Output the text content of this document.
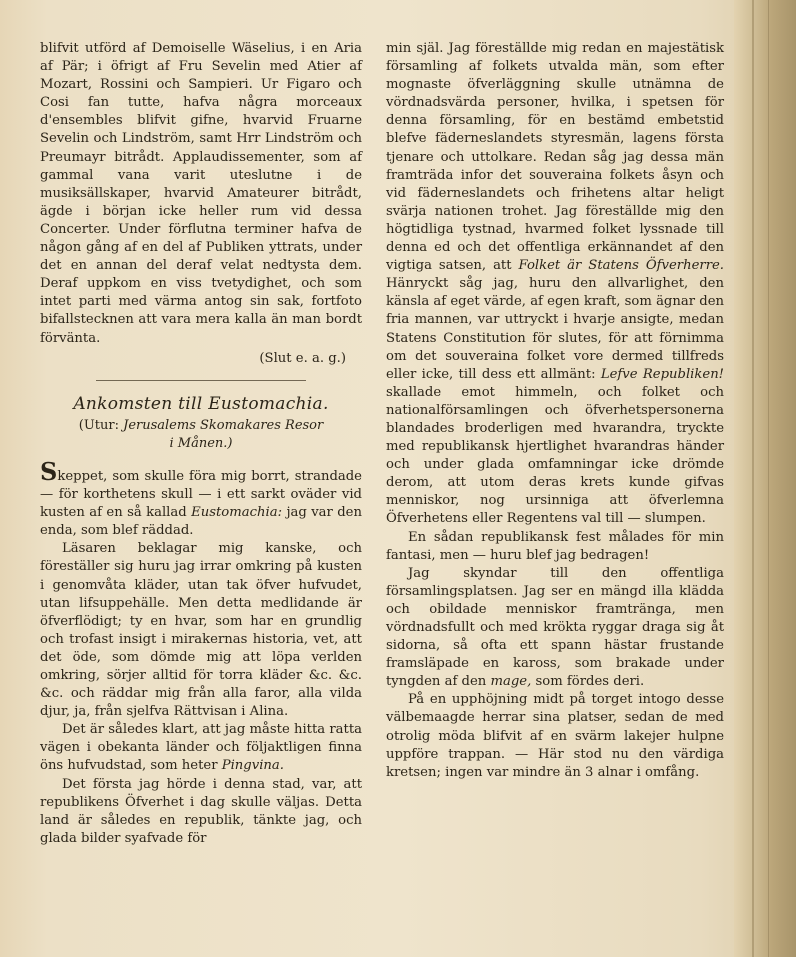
blifvit utförd af Demoiselle Wäselius, i en Aria af Pär; i öfrigt af Fru Sevelin med Atier af Mozart, Rossini och Sampieri. Ur Figaro och Cosi fan tutte, hafva några morceaux d'ensembles blifvit gifne, hvarvid Fruarne Sevelin och Lindström, samt Hrr Lindström och Preumayr bitrådt. Applaudissementer, som af gammal vana varit uteslutne i de musiksällskaper, hvarvid Amateurer bitrådt, ägde i början icke heller rum vid dessa Concerter. Under förflutna terminer hafva de någon gång af en del af Publiken yttrats, under det en annan del deraf velat nedtysta dem. Deraf uppkom en viss tvetydighet, och som intet parti med värma antog sin sak, fortfoto bifallstecknen att vara mera kalla än man bordt förvänta.

(Slut e. a. g.)

Ankomsten till Eustomachia.

(Utur: Jerusalems Skomakares Resor
i Månen.)

Skeppet, som skulle föra mig borrt, strandade — för korthetens skull — i ett sarkt oväder vid kusten af en så kallad Eustomachia: jag var den enda, som blef räddad.

Läsaren beklagar mig kanske, och föreställer sig huru jag irrar omkring på kusten i genomvåta kläder, utan tak öfver hufvudet, utan lifsuppehälle. Men detta medlidande är öfverflödigt; ty en hvar, som har en grundlig och trofast insigt i mirakernas historia, vet, att det öde, som dömde mig att löpa verlden omkring, sörjer alltid för torra kläder &c. &c. &c. och räddar mig från alla faror, alla vilda djur, ja, från sjelfva Rättvisan i Alina.

Det är således klart, att jag måste hitta ratta vägen i obekanta länder och följaktligen finna öns hufvudstad, som heter Pingvina.

Det första jag hörde i denna stad, var, att republikens Öfverhet i dag skulle väljas. Detta land är således en republik, tänkte jag, och glada bilder syafvade för

min själ. Jag föreställde mig redan en majestätisk församling af folkets utvalda män, som efter mognaste öfverläggning skulle utnämna de vördnadsvärda personer, hvilka, i spetsen för denna församling, för en bestämd embetstid blefve fäderneslandets styresmän, lagens första tjenare och uttolkare. Redan såg jag dessa män framträda infor det souveraina folkets åsyn och vid fäderneslandets och frihetens altar heligt svärja nationen trohet. Jag föreställde mig den högtidliga tystnad, hvarmed folket lyssnade till denna ed och det offentliga erkännandet af den vigtiga satsen, att Folket är Statens Öfverherre. Hänryckt såg jag, huru den allvarlighet, den känsla af eget värde, af egen kraft, som ägnar den fria mannen, var uttryckt i hvarje ansigte, medan Statens Constitution för slutes, för att förnimma om det souveraina folket vore dermed tillfreds eller icke, till dess ett allmänt: Lefve Republiken! skallade emot himmeln, och folket och nationalförsamlingen och öfverhetspersonerna blandades broderligen med hvarandra, tryckte med republikansk hjertlighet hvarandras händer och under glada omfamningar icke drömde derom, att utom deras krets kunde gifvas menniskor, nog ursinniga att öfverlemna Öfverhetens eller Regentens val till — slumpen.

En sådan republikansk fest målades för min fantasi, men — huru blef jag bedragen!

Jag skyndar till den offentliga församlingsplatsen. Jag ser en mängd illa klädda och obildade menniskor framtränga, men vördnadsfullt och med krökta ryggar draga sig åt sidorna, så ofta ett spann hästar frustande framsläpade en kaross, som brakade under tyngden af den mage, som fördes deri.

På en upphöjning midt på torget intogo desse välbemaagde herrar sina platser, sedan de med otrolig möda blifvit af en svärm lakejer hulpne uppföre trappan. — Här stod nu den värdiga kretsen; ingen var mindre än 3 alnar i omfång.
